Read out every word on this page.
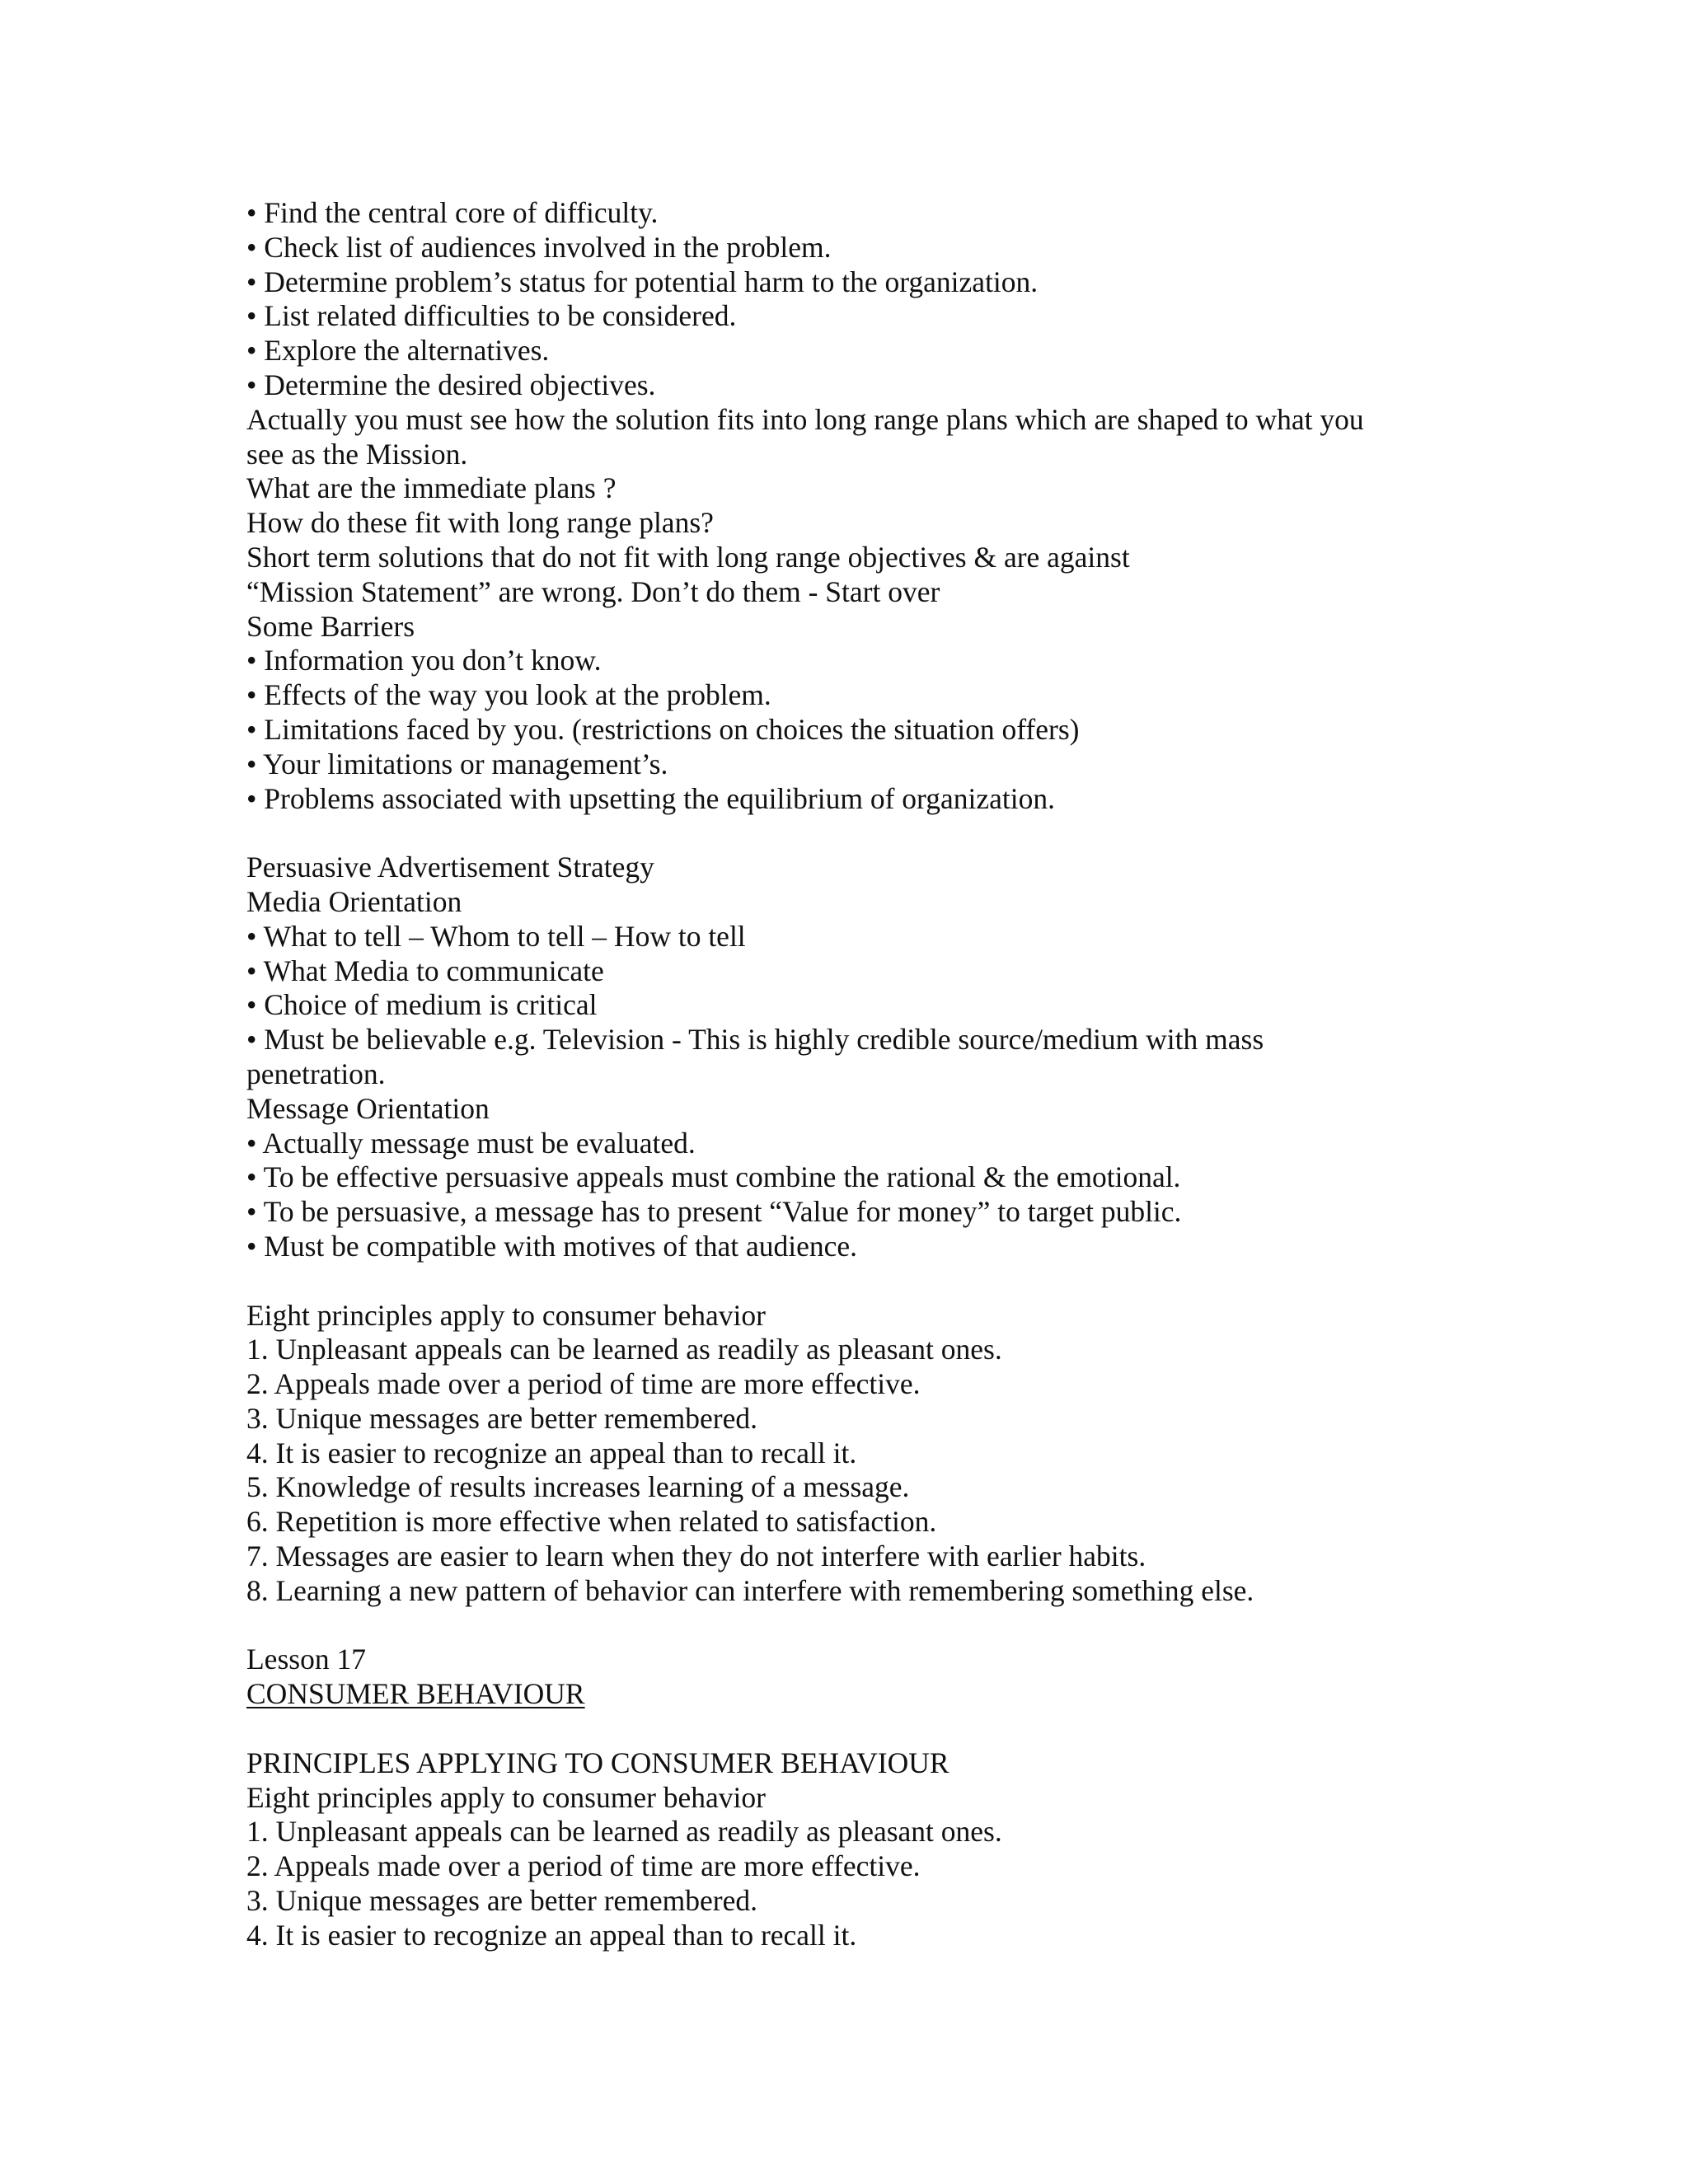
• Find the central core of difficulty.
• Check list of audiences involved in the problem.
• Determine problem’s status for potential harm to the organization.
• List related difficulties to be considered.
• Explore the alternatives.
• Determine the desired objectives.
Actually you must see how the solution fits into long range plans which are shaped to what you
see as the Mission.
What are the immediate plans ?
How do these fit with long range plans?
Short term solutions that do not fit with long range objectives & are against
“Mission Statement” are wrong. Don’t do them - Start over
Some Barriers
• Information you don’t know.
• Effects of the way you look at the problem.
• Limitations faced by you. (restrictions on choices the situation offers)
• Your limitations or management’s.
• Problems associated with upsetting the equilibrium of organization.
Persuasive Advertisement Strategy
Media Orientation
• What to tell – Whom to tell – How to tell
• What Media to communicate
• Choice of medium is critical
• Must be believable e.g. Television - This is highly credible source/medium with mass
penetration.
Message Orientation
• Actually message must be evaluated.
• To be effective persuasive appeals must combine the rational & the emotional.
• To be persuasive, a message has to present “Value for money” to target public.
• Must be compatible with motives of that audience.
Eight principles apply to consumer behavior
1. Unpleasant appeals can be learned as readily as pleasant ones.
2. Appeals made over a period of time are more effective.
3. Unique messages are better remembered.
4. It is easier to recognize an appeal than to recall it.
5. Knowledge of results increases learning of a message.
6. Repetition is more effective when related to satisfaction.
7. Messages are easier to learn when they do not interfere with earlier habits.
8. Learning a new pattern of behavior can interfere with remembering something else.
Lesson 17
CONSUMER BEHAVIOUR
PRINCIPLES APPLYING TO CONSUMER BEHAVIOUR
Eight principles apply to consumer behavior
1. Unpleasant appeals can be learned as readily as pleasant ones.
2. Appeals made over a period of time are more effective.
3. Unique messages are better remembered.
4. It is easier to recognize an appeal than to recall it.
